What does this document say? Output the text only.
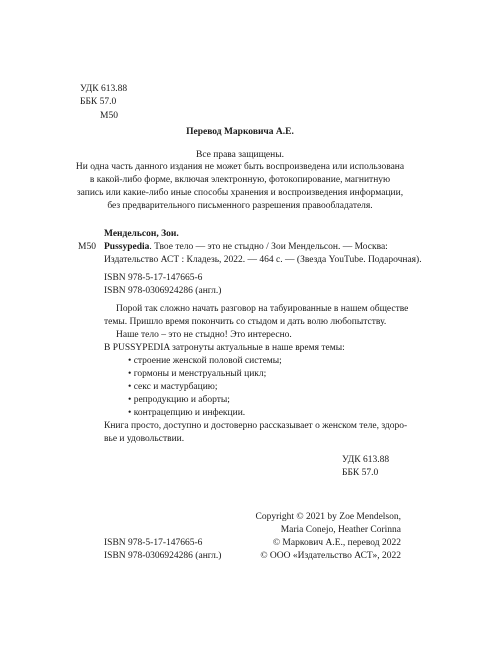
УДК 613.88

ББК 57.0

М50

Перевод Марковича А.Е.

Все права защищены.

Ни одна часть данного издания не может быть воспроизведена или использована

в какой-либо форме, включая электронную, фотокопирование, магнитную

запись или какие-либо иные способы хранения и воспроизведения информации,

без предварительного письменного разрешения правообладателя.

Мендельсон, Зои.

М50 Pussypedia. Твое тело — это не стыдно / Зои Мендельсон. — Москва:

Издательство АСТ : Кладезь, 2022. — 464 с. — (Звезда YouTube. Подарочная).

ISBN 978-5-17-147665-6

ISBN 978-0306924286 (англ.)

Порой так сложно начать разговор на табуированные в нашем обществе

темы. Пришло время покончить со стыдом и дать волю любопытству.

Наше тело – это не стыдно! Это интересно.

В PUSSYPEDIA затронуты актуальные в наше время темы:

• строение женской половой системы;

• гормоны и менструальный цикл;

• секс и мастурбацию;

• репродукцию и аборты;

• контрацепцию и инфекции.

Книга просто, доступно и достоверно рассказывает о женском теле, здоро-

вье и удовольствии.

УДК 613.88

ББК 57.0

Copyright © 2021 by Zoe Mendelson,

Maria Conejo, Heather Corinna

© Маркович А.Е., перевод 2022

© ООО «Издательство АСТ», 2022

ISBN 978-5-17-147665-6

ISBN 978-0306924286 (англ.)
